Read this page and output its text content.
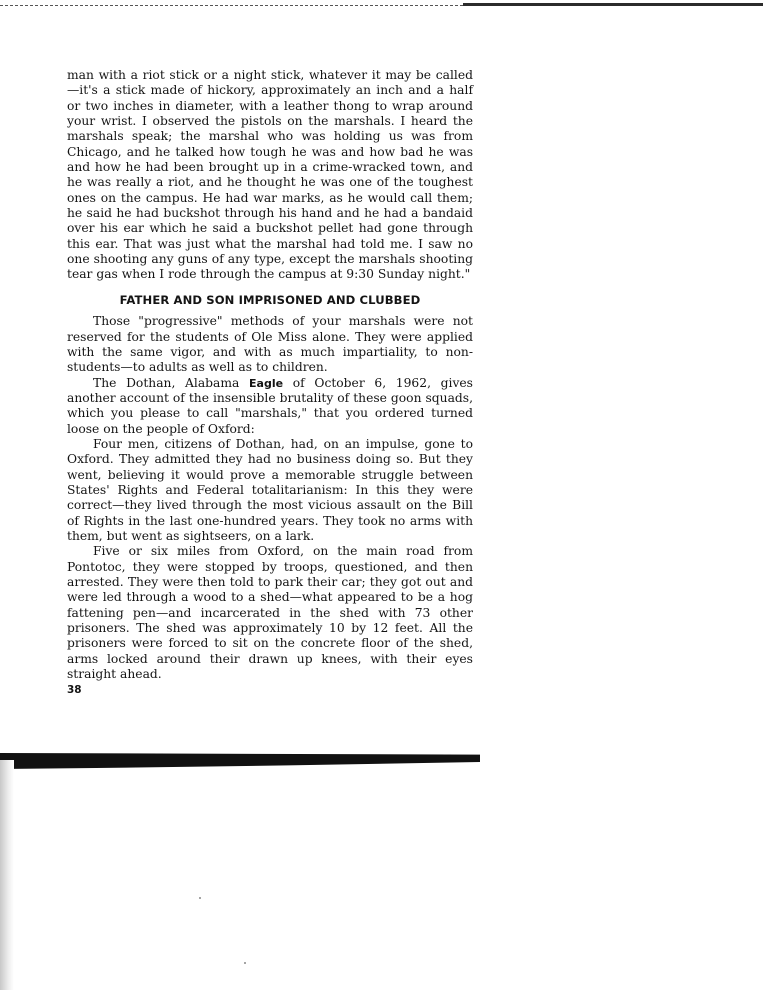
man with a riot stick or a night stick, whatever it may be called—it's a stick made of hickory, approximately an inch and a half or two inches in diameter, with a leather thong to wrap around your wrist. I observed the pistols on the marshals. I heard the marshals speak; the marshal who was holding us was from Chicago, and he talked how tough he was and how bad he was and how he had been brought up in a crime-wracked town, and he was really a riot, and he thought he was one of the toughest ones on the campus. He had war marks, as he would call them; he said he had buckshot through his hand and he had a bandaid over his ear which he said a buckshot pellet had gone through this ear. That was just what the marshal had told me. I saw no one shooting any guns of any type, except the marshals shooting tear gas when I rode through the campus at 9:30 Sunday night."

FATHER AND SON IMPRISONED AND CLUBBED

Those "progressive" methods of your marshals were not reserved for the students of Ole Miss alone. They were applied with the same vigor, and with as much impartiality, to non-students—to adults as well as to children.

The Dothan, Alabama Eagle of October 6, 1962, gives another account of the insensible brutality of these goon squads, which you please to call "marshals," that you ordered turned loose on the people of Oxford:

Four men, citizens of Dothan, had, on an impulse, gone to Oxford. They admitted they had no business doing so. But they went, believing it would prove a memorable struggle between States' Rights and Federal totalitarianism: In this they were correct—they lived through the most vicious assault on the Bill of Rights in the last one-hundred years. They took no arms with them, but went as sightseers, on a lark.

Five or six miles from Oxford, on the main road from Pontotoc, they were stopped by troops, questioned, and then arrested. They were then told to park their car; they got out and were led through a wood to a shed—what appeared to be a hog fattening pen—and incarcerated in the shed with 73 other prisoners. The shed was approximately 10 by 12 feet. All the prisoners were forced to sit on the concrete floor of the shed, arms locked around their drawn up knees, with their eyes straight ahead.

38
